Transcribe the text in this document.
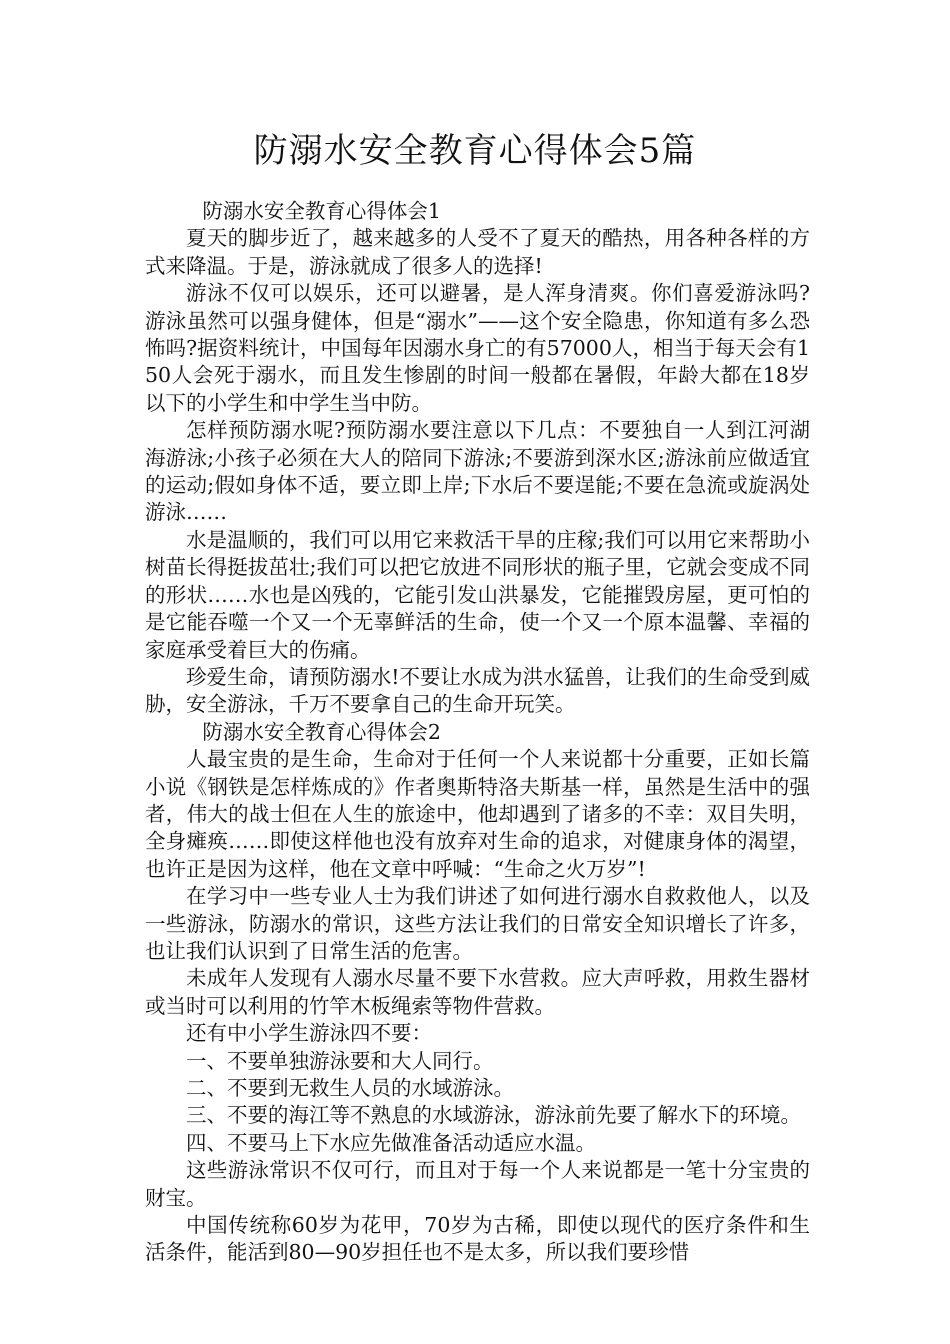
防溺水安全教育心得体会5篇

防溺水安全教育心得体会1

夏天的脚步近了，越来越多的人受不了夏天的酷热，用各种各样的方式来降温。于是，游泳就成了很多人的选择!

游泳不仅可以娱乐，还可以避暑，是人浑身清爽。你们喜爱游泳吗?游泳虽然可以强身健体，但是“溺水”——这个安全隐患，你知道有多么恐怖吗?据资料统计，中国每年因溺水身亡的有57000人，相当于每天会有150人会死于溺水，而且发生惨剧的时间一般都在暑假，年龄大都在18岁以下的小学生和中学生当中防。

怎样预防溺水呢?预防溺水要注意以下几点：不要独自一人到江河湖海游泳;小孩子必须在大人的陪同下游泳;不要游到深水区;游泳前应做适宜的运动;假如身体不适，要立即上岸;下水后不要逞能;不要在急流或旋涡处游泳……

水是温顺的，我们可以用它来救活干旱的庄稼;我们可以用它来帮助小树苗长得挺拔茁壮;我们可以把它放进不同形状的瓶子里，它就会变成不同的形状……水也是凶残的，它能引发山洪暴发，它能摧毁房屋，更可怕的是它能吞噬一个又一个无辜鲜活的生命，使一个又一个原本温馨、幸福的家庭承受着巨大的伤痛。

珍爱生命，请预防溺水!不要让水成为洪水猛兽，让我们的生命受到威胁，安全游泳，千万不要拿自己的生命开玩笑。

防溺水安全教育心得体会2

人最宝贵的是生命，生命对于任何一个人来说都十分重要，正如长篇小说《钢铁是怎样炼成的》作者奥斯特洛夫斯基一样，虽然是生活中的强者，伟大的战士但在人生的旅途中，他却遇到了诸多的不幸：双目失明，全身瘫痪……即使这样他也没有放弃对生命的追求，对健康身体的渴望，也许正是因为这样，他在文章中呼喊：“生命之火万岁”!

在学习中一些专业人士为我们讲述了如何进行溺水自救救他人，以及一些游泳，防溺水的常识，这些方法让我们的日常安全知识增长了许多，也让我们认识到了日常生活的危害。

未成年人发现有人溺水尽量不要下水营救。应大声呼救，用救生器材或当时可以利用的竹竿木板绳索等物件营救。

还有中小学生游泳四不要：

一、不要单独游泳要和大人同行。

二、不要到无救生人员的水域游泳。

三、不要的海江等不熟息的水域游泳，游泳前先要了解水下的环境。

四、不要马上下水应先做准备活动适应水温。

这些游泳常识不仅可行，而且对于每一个人来说都是一笔十分宝贵的财宝。

中国传统称60岁为花甲，70岁为古稀，即使以现代的医疗条件和生活条件，能活到80—90岁担任也不是太多，所以我们要珍惜
